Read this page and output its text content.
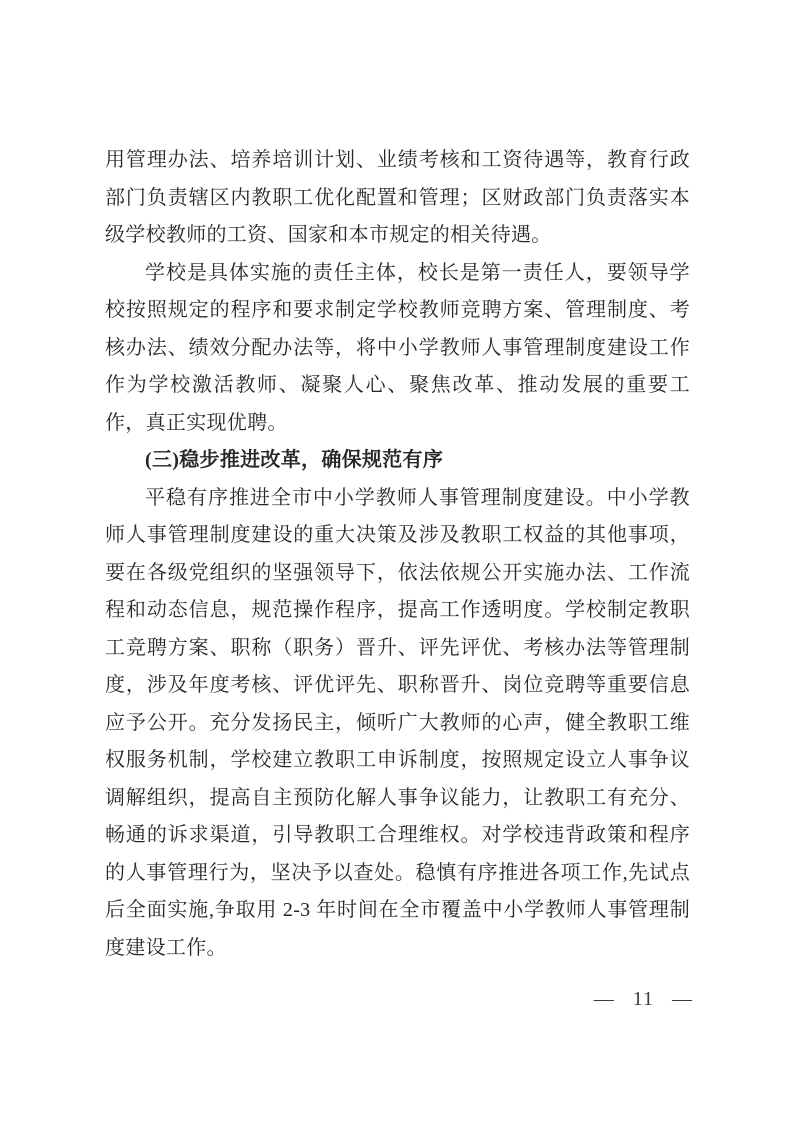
用管理办法、培养培训计划、业绩考核和工资待遇等，教育行政部门负责辖区内教职工优化配置和管理；区财政部门负责落实本级学校教师的工资、国家和本市规定的相关待遇。

学校是具体实施的责任主体，校长是第一责任人，要领导学校按照规定的程序和要求制定学校教师竞聘方案、管理制度、考核办法、绩效分配办法等，将中小学教师人事管理制度建设工作作为学校激活教师、凝聚人心、聚焦改革、推动发展的重要工作，真正实现优聘。

(三)稳步推进改革，确保规范有序

平稳有序推进全市中小学教师人事管理制度建设。中小学教师人事管理制度建设的重大决策及涉及教职工权益的其他事项，要在各级党组织的坚强领导下，依法依规公开实施办法、工作流程和动态信息，规范操作程序，提高工作透明度。学校制定教职工竞聘方案、职称（职务）晋升、评先评优、考核办法等管理制度，涉及年度考核、评优评先、职称晋升、岗位竞聘等重要信息应予公开。充分发扬民主，倾听广大教师的心声，健全教职工维权服务机制，学校建立教职工申诉制度，按照规定设立人事争议调解组织，提高自主预防化解人事争议能力，让教职工有充分、畅通的诉求渠道，引导教职工合理维权。对学校违背政策和程序的人事管理行为，坚决予以查处。稳慎有序推进各项工作,先试点后全面实施,争取用 2-3 年时间在全市覆盖中小学教师人事管理制度建设工作。

— 11 —
